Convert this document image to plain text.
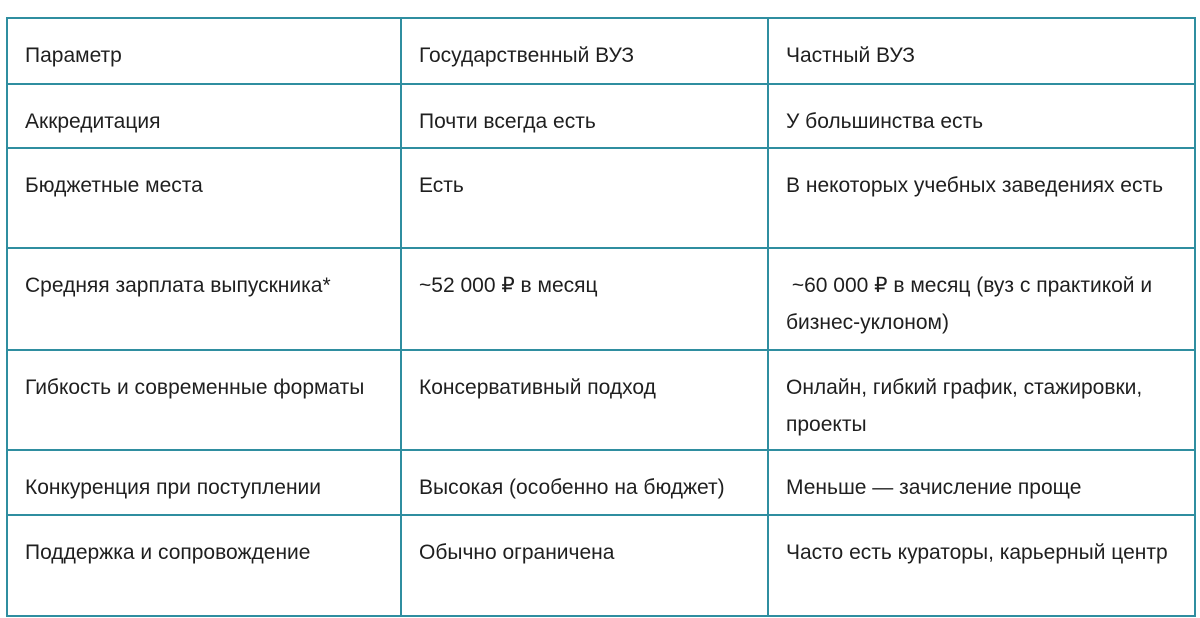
Параметр	Государственный ВУЗ	Частный ВУЗ
Аккредитация	Почти всегда есть	У большинства есть
Бюджетные места	Есть	В некоторых учебных заведениях есть
Средняя зарплата выпускника*	~52 000 ₽ в месяц	~60 000 ₽ в месяц (вуз с практикой и бизнес-уклоном)
Гибкость и современные форматы	Консервативный подход	Онлайн, гибкий график, стажировки, проекты
Конкуренция при поступлении	Высокая (особенно на бюджет)	Меньше — зачисление проще
Поддержка и сопровождение	Обычно ограничена	Часто есть кураторы, карьерный центр
